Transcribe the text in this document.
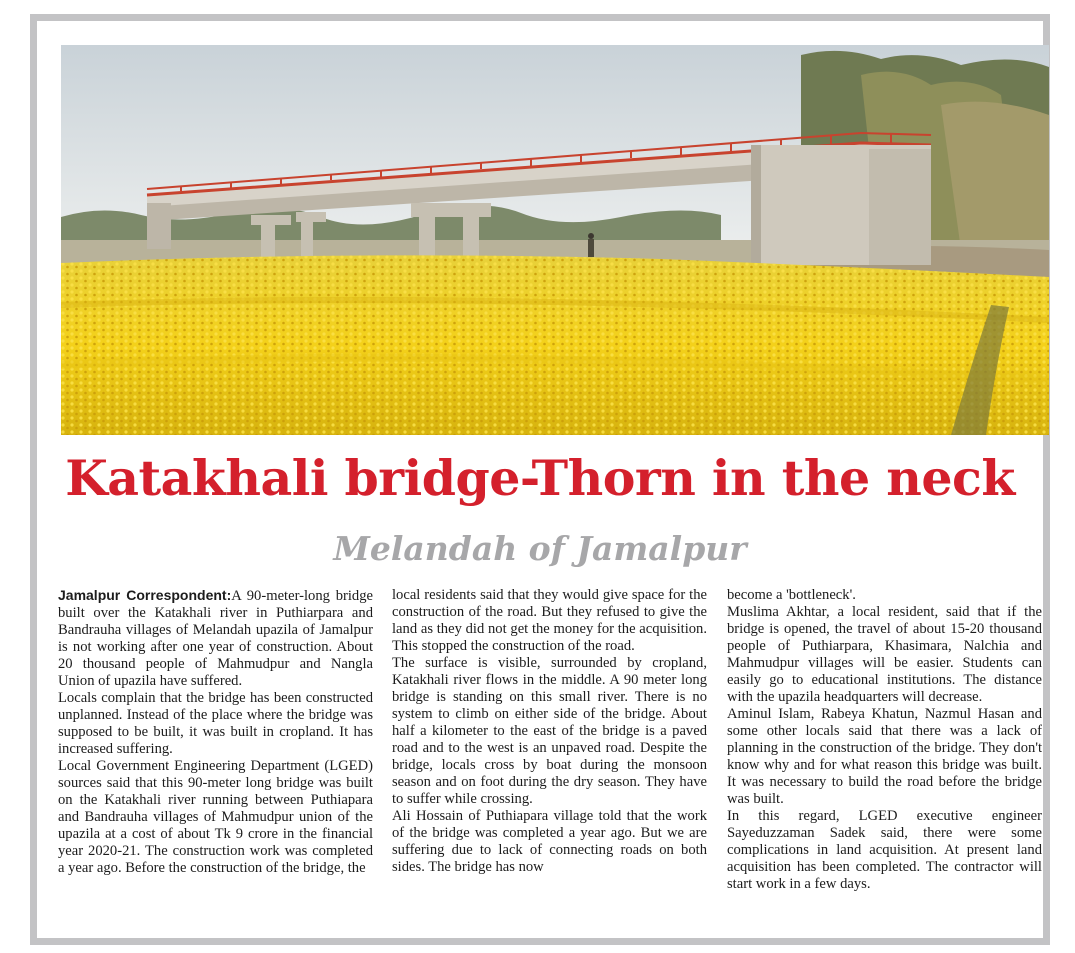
Katakhali bridge-Thorn in the neck
Melandah of Jamalpur

Jamalpur Correspondent:A 90-meter-long bridge built over the Katakhali river in Puthiarpara and Bandrauha villages of Melandah upazila of Jamalpur is not working after one year of construction. About 20 thousand people of Mahmudpur and Nangla Union of upazila have suffered.

Locals complain that the bridge has been constructed unplanned. Instead of the place where the bridge was supposed to be built, it was built in cropland. It has increased suffering.

Local Government Engineering Department (LGED) sources said that this 90-meter long bridge was built on the Katakhali river running between Puthiapara and Bandrauha villages of Mahmudpur union of the upazila at a cost of about Tk 9 crore in the financial year 2020-21. The construction work was completed a year ago. Before the construction of the bridge, the

local residents said that they would give space for the construction of the road. But they refused to give the land as they did not get the money for the acquisition. This stopped the construction of the road.

The surface is visible, surrounded by cropland, Katakhali river flows in the middle. A 90 meter long bridge is standing on this small river. There is no system to climb on either side of the bridge. About half a kilometer to the east of the bridge is a paved road and to the west is an unpaved road. Despite the bridge, locals cross by boat during the monsoon season and on foot during the dry season. They have to suffer while crossing.

Ali Hossain of Puthiapara village told that the work of the bridge was completed a year ago. But we are suffering due to lack of connecting roads on both sides. The bridge has now

become a 'bottleneck'.

Muslima Akhtar, a local resident, said that if the bridge is opened, the travel of about 15-20 thousand people of Puthiarpara, Khasimara, Nalchia and Mahmudpur villages will be easier. Students can easily go to educational institutions. The distance with the upazila headquarters will decrease.

Aminul Islam, Rabeya Khatun, Nazmul Hasan and some other locals said that there was a lack of planning in the construction of the bridge. They don't know why and for what reason this bridge was built. It was necessary to build the road before the bridge was built.

In this regard, LGED executive engineer Sayeduzzaman Sadek said, there were some complications in land acquisition. At present land acquisition has been completed. The contractor will start work in a few days.
